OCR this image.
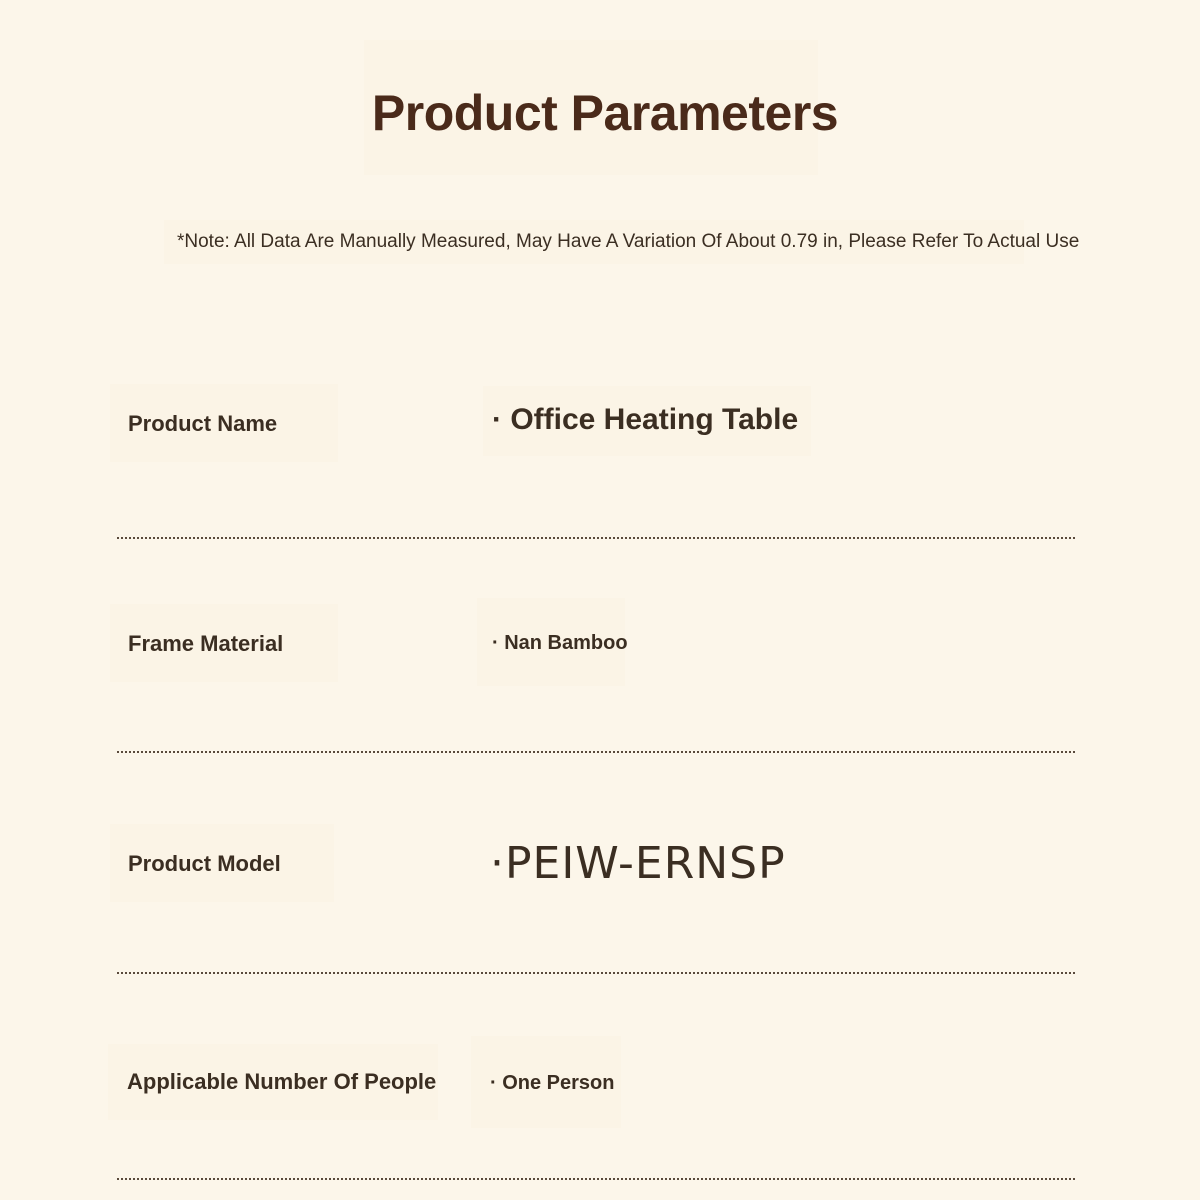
Product Parameters

*Note: All Data Are Manually Measured, May Have A Variation Of About 0.79 in, Please Refer To Actual Use

Product Name	· Office Heating Table
Frame Material	· Nan Bamboo
Product Model	·PEIW-ERNSP
Applicable Number Of People	· One Person
